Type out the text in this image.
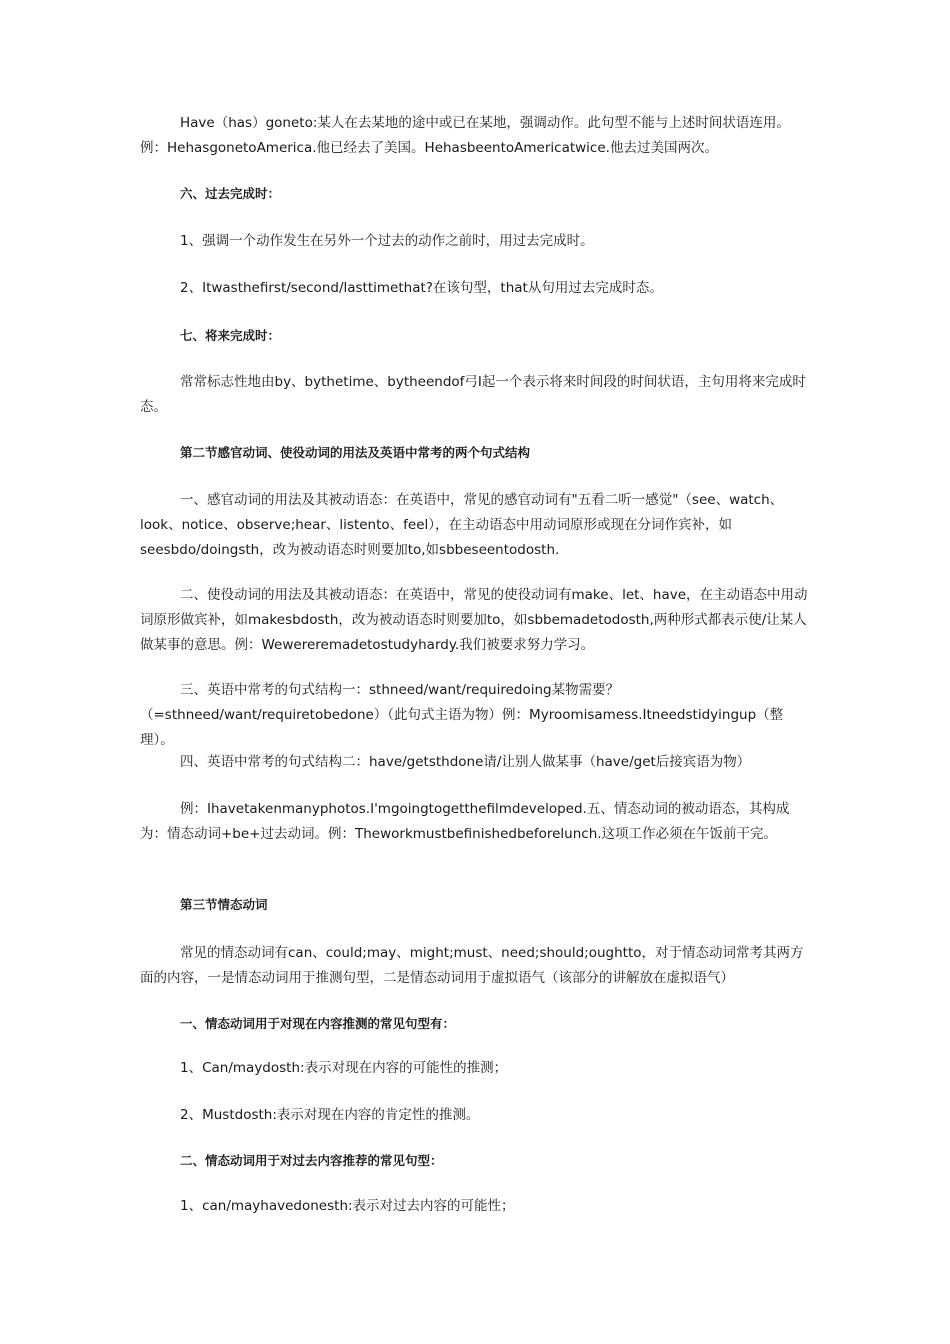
Have（has）goneto:某人在去某地的途中或已在某地，强调动作。此句型不能与上述时间状语连用。例：HehasgonetoAmerica.他已经去了美国。HehasbeentoAmericatwice.他去过美国两次。

六、过去完成时：

1、强调一个动作发生在另外一个过去的动作之前时，用过去完成时。

2、Itwasthefirst/second/lasttimethat?在该句型，that从句用过去完成时态。

七、将来完成时：

常常标志性地由by、bythetime、bytheendof弓I起一个表示将来时间段的时间状语，主句用将来完成时态。

第二节感官动词、使役动词的用法及英语中常考的两个句式结构

一、感官动词的用法及其被动语态：在英语中，常见的感官动词有"五看二听一感觉"（see、watch、look、notice、observe;hear、listento、feel），在主动语态中用动词原形或现在分词作宾补，如seesbdo/doingsth，改为被动语态时则要加to,如sbbeseentodosth.

二、使役动词的用法及其被动语态：在英语中，常见的使役动词有make、let、have，在主动语态中用动词原形做宾补，如makesbdosth，改为被动语态时则要加to，如sbbemadetodosth,两种形式都表示使/让某人做某事的意思。例：Wewereremadetostudyhardy.我们被要求努力学习。

三、英语中常考的句式结构一：sthneed/want/requiredoing某物需要？（=sthneed/want/requiretobedone）（此句式主语为物）例：Myroomisamess.Itneedstidyingup（整理）。

四、英语中常考的句式结构二：have/getsthdone请/让别人做某事（have/get后接宾语为物）

例：Ihavetakenmanyphotos.I'mgoingtogetthefilmdeveloped.五、情态动词的被动语态，其构成为：情态动词+be+过去动词。例：Theworkmustbefinishedbeforelunch.这项工作必须在午饭前干完。

第三节情态动词

常见的情态动词有can、could;may、might;must、need;should;oughtto，对于情态动词常考其两方面的内容，一是情态动词用于推测句型，二是情态动词用于虚拟语气（该部分的讲解放在虚拟语气）

一、情态动词用于对现在内容推测的常见句型有：

1、Can/maydosth:表示对现在内容的可能性的推测；

2、Mustdosth:表示对现在内容的肯定性的推测。

二、情态动词用于对过去内容推荐的常见句型：

1、can/mayhavedonesth:表示对过去内容的可能性；
